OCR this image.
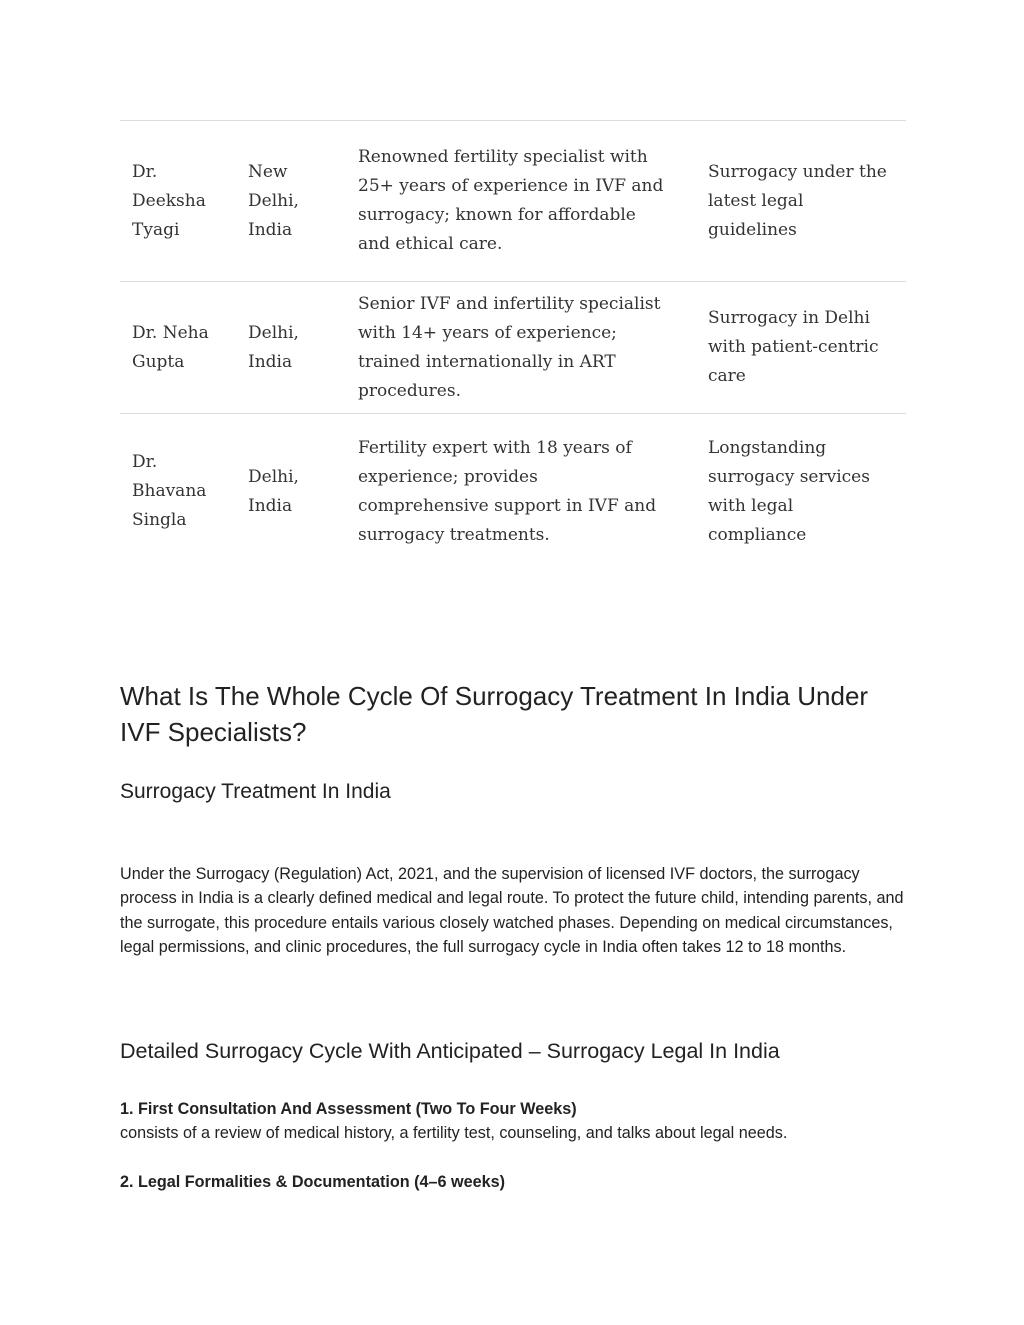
Dr. Deeksha Tyagi	New Delhi, India	Renowned fertility specialist with 25+ years of experience in IVF and surrogacy; known for affordable and ethical care.	Surrogacy under the latest legal guidelines
Dr. Neha Gupta	Delhi, India	Senior IVF and infertility specialist with 14+ years of experience; trained internationally in ART procedures.	Surrogacy in Delhi with patient-centric care
Dr. Bhavana Singla	Delhi, India	Fertility expert with 18 years of experience; provides comprehensive support in IVF and surrogacy treatments.	Longstanding surrogacy services with legal compliance
What Is The Whole Cycle Of Surrogacy Treatment In India Under IVF Specialists?
Surrogacy Treatment In India

Under the Surrogacy (Regulation) Act, 2021, and the supervision of licensed IVF doctors, the surrogacy process in India is a clearly defined medical and legal route. To protect the future child, intending parents, and the surrogate, this procedure entails various closely watched phases. Depending on medical circumstances, legal permissions, and clinic procedures, the full surrogacy cycle in India often takes 12 to 18 months.

Detailed Surrogacy Cycle With Anticipated – Surrogacy Legal In India
1. First Consultation And Assessment (Two To Four Weeks)
consists of a review of medical history, a fertility test, counseling, and talks about legal needs.
2. Legal Formalities & Documentation (4–6 weeks)
